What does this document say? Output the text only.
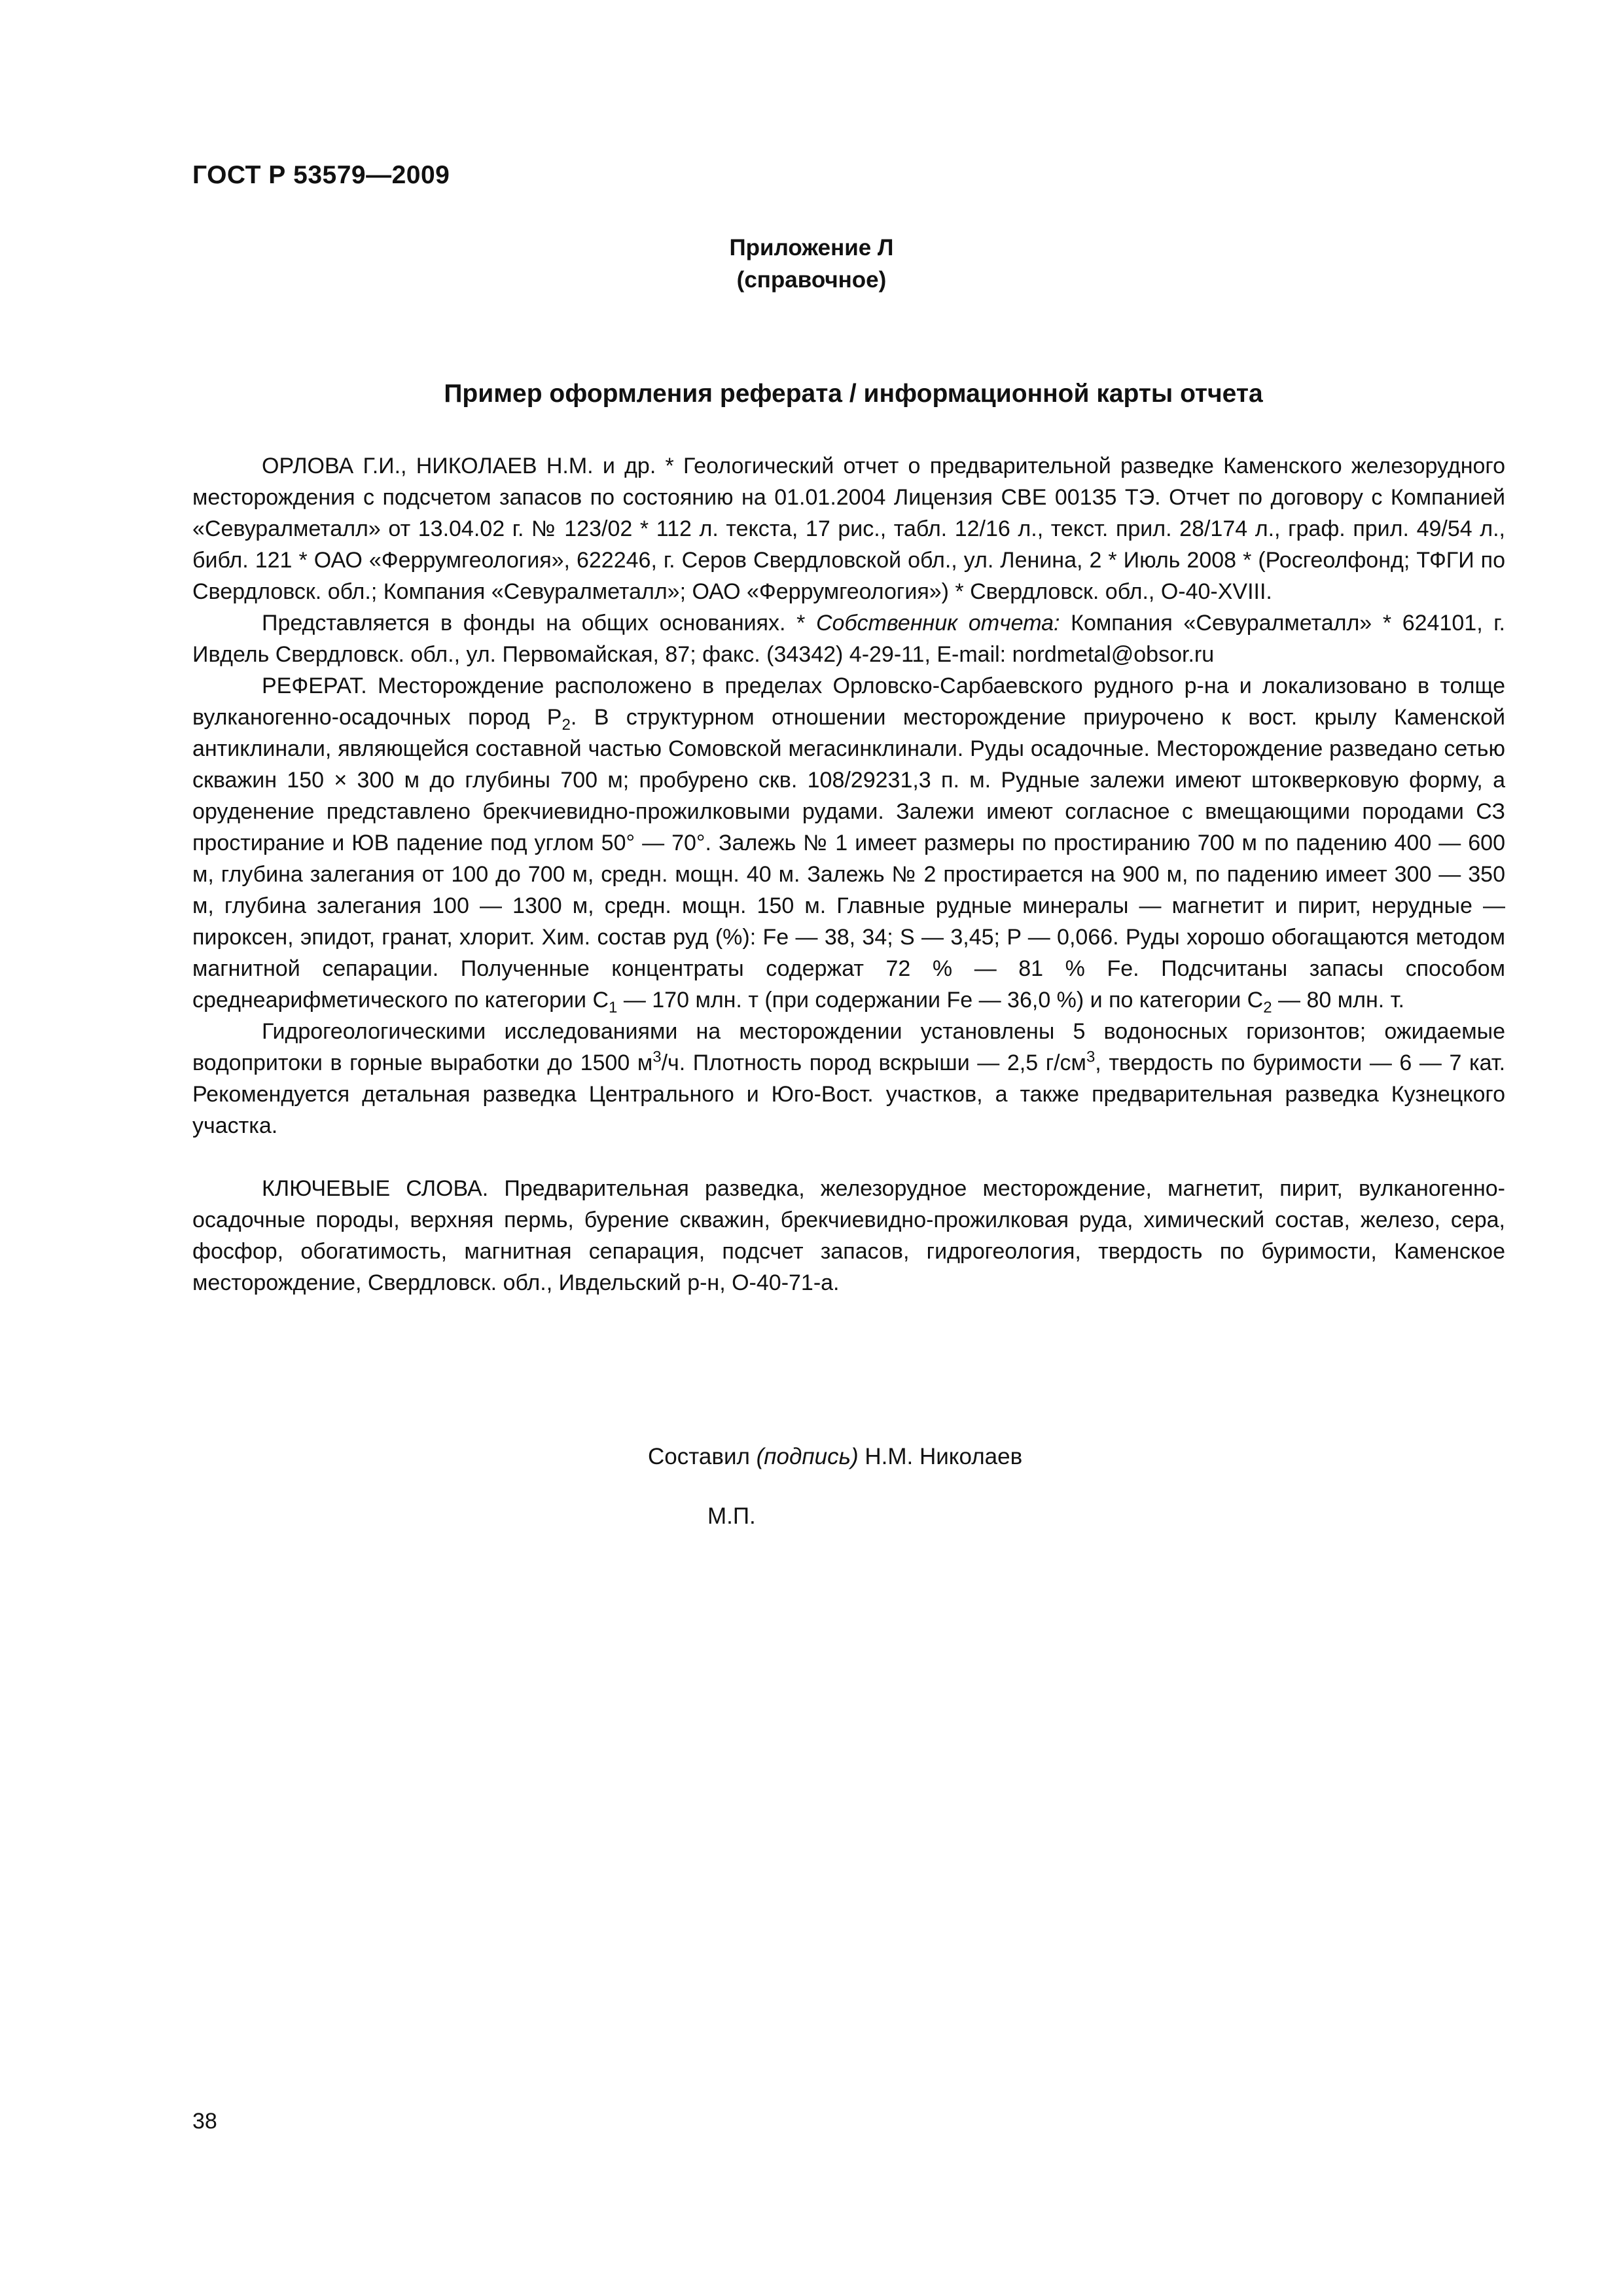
ГОСТ Р 53579—2009
Приложение Л
(справочное)
Пример оформления реферата / информационной карты отчета

ОРЛОВА Г.И., НИКОЛАЕВ Н.М. и др. * Геологический отчет о предварительной разведке Каменского железорудного месторождения с подсчетом запасов по состоянию на 01.01.2004 Лицензия СВЕ 00135 ТЭ. Отчет по договору с Компанией «Севуралметалл» от 13.04.02 г. № 123/02 * 112 л. текста, 17 рис., табл. 12/16 л., текст. прил. 28/174 л., граф. прил. 49/54 л., библ. 121 * ОАО «Феррумгеология», 622246, г. Серов Свердловской обл., ул. Ленина, 2 * Июль 2008 * (Росгеолфонд; ТФГИ по Свердловск. обл.; Компания «Севуралметалл»; ОАО «Феррумгеология») * Свердловск. обл., О-40-XVIII.

Представляется в фонды на общих основаниях. * Собственник отчета: Компания «Севуралметалл» * 624101, г. Ивдель Свердловск. обл., ул. Первомайская, 87; факс. (34342) 4-29-11, E-mail: nordmetal@obsor.ru

РЕФЕРАТ. Месторождение расположено в пределах Орловско-Сарбаевского рудного р-на и локализовано в толще вулканогенно-осадочных пород $Р_2$. В структурном отношении месторождение приурочено к вост. крылу Каменской антиклинали, являющейся составной частью Сомовской мегасинклинали. Руды осадочные. Месторождение разведано сетью скважин 150 × 300 м до глубины 700 м; пробурено скв. 108/29231,3 п. м. Рудные залежи имеют штокверковую форму, а оруденение представлено брекчиевидно-прожилковыми рудами. Залежи имеют согласное с вмещающими породами СЗ простирание и ЮВ падение под углом 50° — 70°. Залежь № 1 имеет размеры по простиранию 700 м по падению 400 — 600 м, глубина залегания от 100 до 700 м, средн. мощн. 40 м. Залежь № 2 простирается на 900 м, по падению имеет 300 — 350 м, глубина залегания 100 — 1300 м, средн. мощн. 150 м. Главные рудные минералы — магнетит и пирит, нерудные — пироксен, эпидот, гранат, хлорит. Хим. состав руд (%): Fe — 38, 34; S — 3,45; P — 0,066. Руды хорошо обогащаются методом магнитной сепарации. Полученные концентраты содержат 72 % — 81 % Fe. Подсчитаны запасы способом среднеарифметического по категории $С_1$ — 170 млн. т (при содержании Fe — 36,0 %) и по категории $С_2$ — 80 млн. т.

Гидрогеологическими исследованиями на месторождении установлены 5 водоносных горизонтов; ожидаемые водопритоки в горные выработки до 1500 $м^3/ч$. Плотность пород вскрыши — 2,5 $г/см^3$, твердость по буримости — 6 — 7 кат. Рекомендуется детальная разведка Центрального и Юго-Вост. участков, а также предварительная разведка Кузнецкого участка.

КЛЮЧЕВЫЕ СЛОВА. Предварительная разведка, железорудное месторождение, магнетит, пирит, вулканогенно-осадочные породы, верхняя пермь, бурение скважин, брекчиевидно-прожилковая руда, химический состав, железо, сера, фосфор, обогатимость, магнитная сепарация, подсчет запасов, гидрогеология, твердость по буримости, Каменское месторождение, Свердловск. обл., Ивдельский р-н, О-40-71-а.

Составил (подпись) Н.М. Николаев
М.П.
38
